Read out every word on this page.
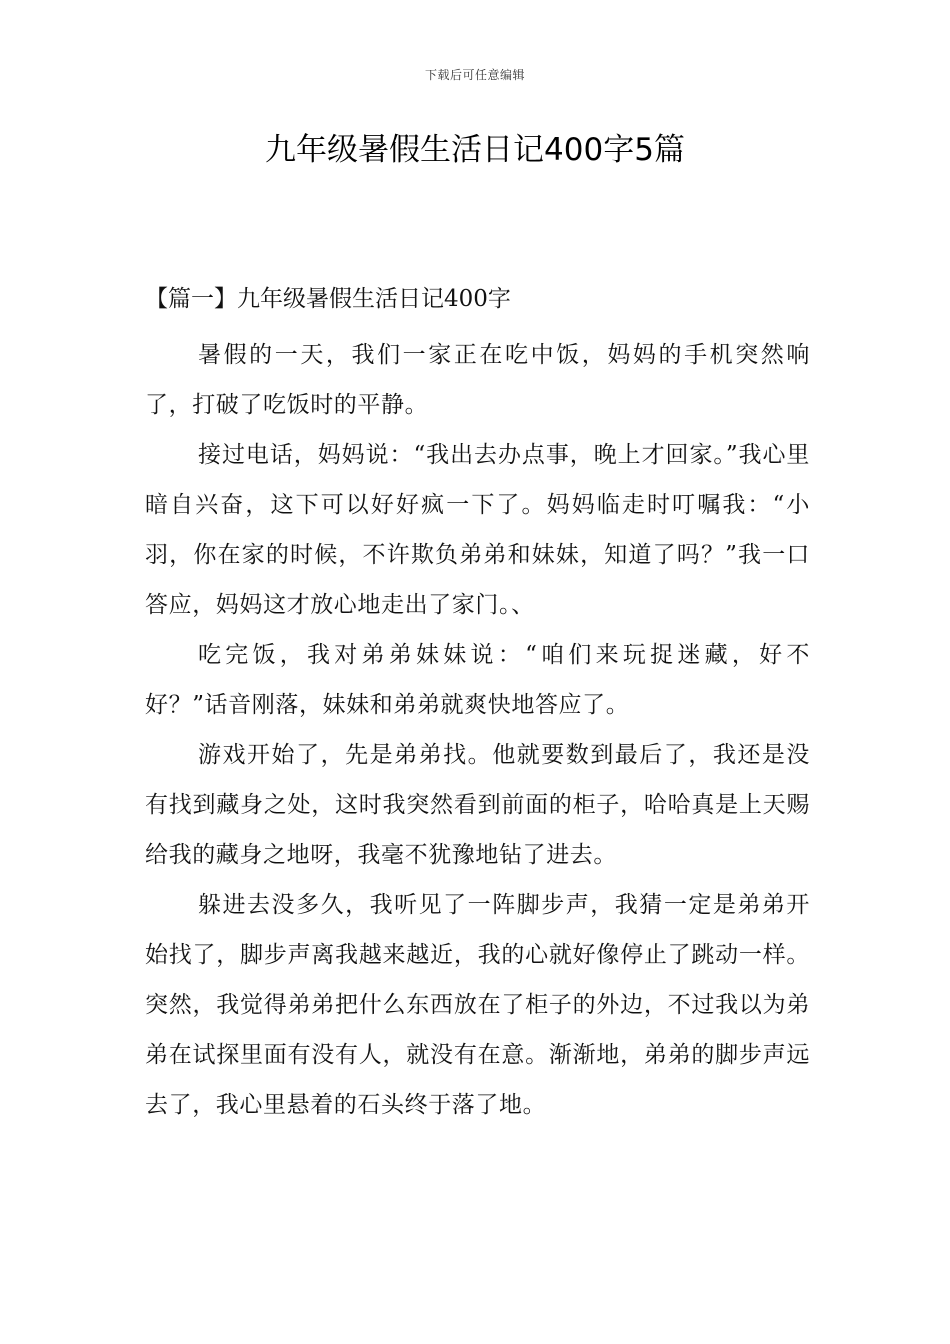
下载后可任意编辑
九年级暑假生活日记400字5篇
【篇一】九年级暑假生活日记400字

暑假的一天，我们一家正在吃中饭，妈妈的手机突然响了，打破了吃饭时的平静。

接过电话，妈妈说：“我出去办点事，晚上才回家。”我心里暗自兴奋，这下可以好好疯一下了。妈妈临走时叮嘱我：“小羽，你在家的时候，不许欺负弟弟和妹妹，知道了吗？”我一口答应，妈妈这才放心地走出了家门。、

吃完饭，我对弟弟妹妹说：“咱们来玩捉迷藏，好不好？”话音刚落，妹妹和弟弟就爽快地答应了。

游戏开始了，先是弟弟找。他就要数到最后了，我还是没有找到藏身之处，这时我突然看到前面的柜子，哈哈真是上天赐给我的藏身之地呀，我毫不犹豫地钻了进去。

躲进去没多久，我听见了一阵脚步声，我猜一定是弟弟开始找了，脚步声离我越来越近，我的心就好像停止了跳动一样。突然，我觉得弟弟把什么东西放在了柜子的外边，不过我以为弟弟在试探里面有没有人，就没有在意。渐渐地，弟弟的脚步声远去了，我心里悬着的石头终于落了地。
